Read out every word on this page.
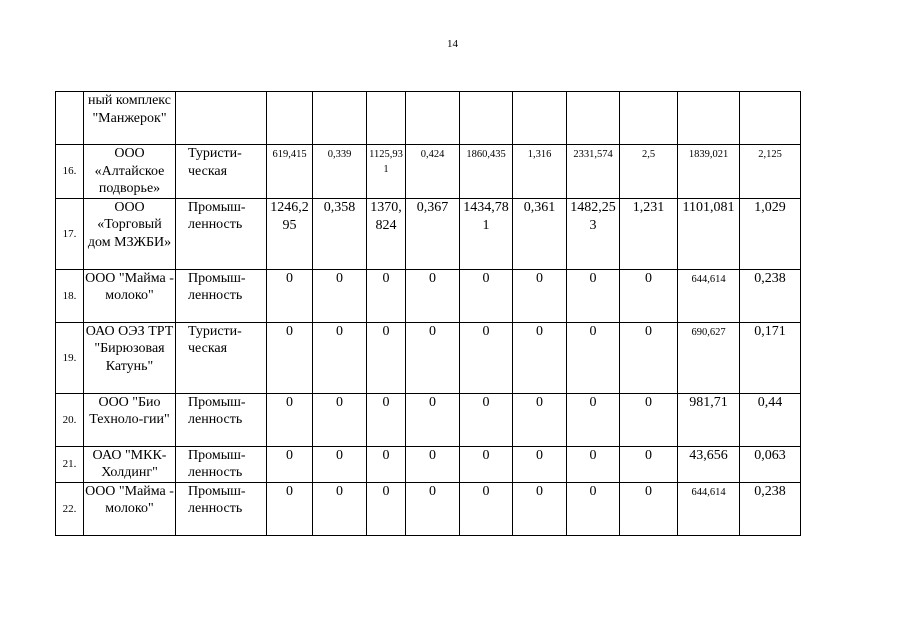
14
	ный комплекс "Манжерок"											
16.	ООО «Алтайское подворье»	Туристи-ческая	619,415	0,339	1125,931	0,424	1860,435	1,316	2331,574	2,5	1839,021	2,125
17.	ООО «Торговый дом МЗЖБИ»	Промыш-ленность	1246,295	0,358	1370,824	0,367	1434,781	0,361	1482,253	1,231	1101,081	1,029
18.	ООО "Майма - молоко"	Промыш-ленность	0	0	0	0	0	0	0	0	644,614	0,238
19.	ОАО ОЭЗ ТРТ "Бирюзовая Катунь"	Туристи-ческая	0	0	0	0	0	0	0	0	690,627	0,171
20.	ООО "Био Техноло-гии"	Промыш-ленность	0	0	0	0	0	0	0	0	981,71	0,44
21.	ОАО "МКК-Холдинг"	Промыш-ленность	0	0	0	0	0	0	0	0	43,656	0,063
22.	ООО "Майма - молоко"	Промыш-ленность	0	0	0	0	0	0	0	0	644,614	0,238
